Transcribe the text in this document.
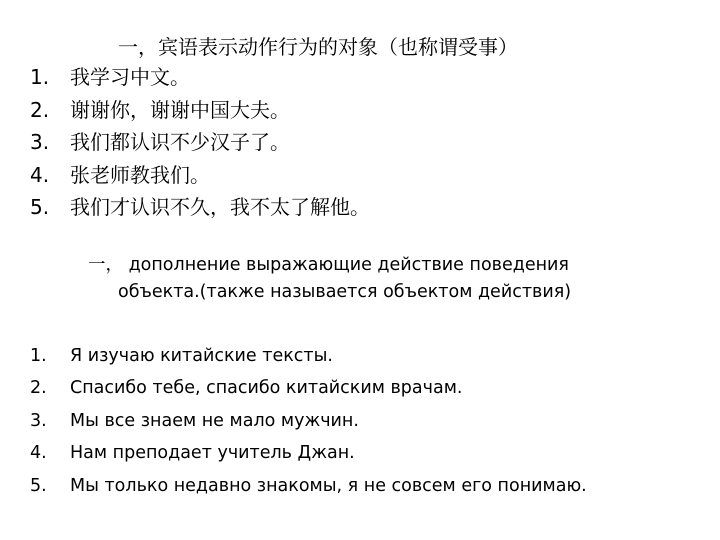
一，宾语表示动作行为的对象（也称谓受事）
1. 我学习中文。
2. 谢谢你，谢谢中国大夫。
3. 我们都认识不少汉子了。
4. 张老师教我们。
5. 我们才认识不久，我不太了解他。
一， дополнение выражающие действие поведения
объекта.(также называется объектом действия)
1. Я изучаю китайские тексты.
2. Спасибо тебе, спасибо китайским врачам.
3. Мы все знаем не мало мужчин.
4. Нам преподает учитель Джан.
5. Мы только недавно знакомы, я не совсем его понимаю.
